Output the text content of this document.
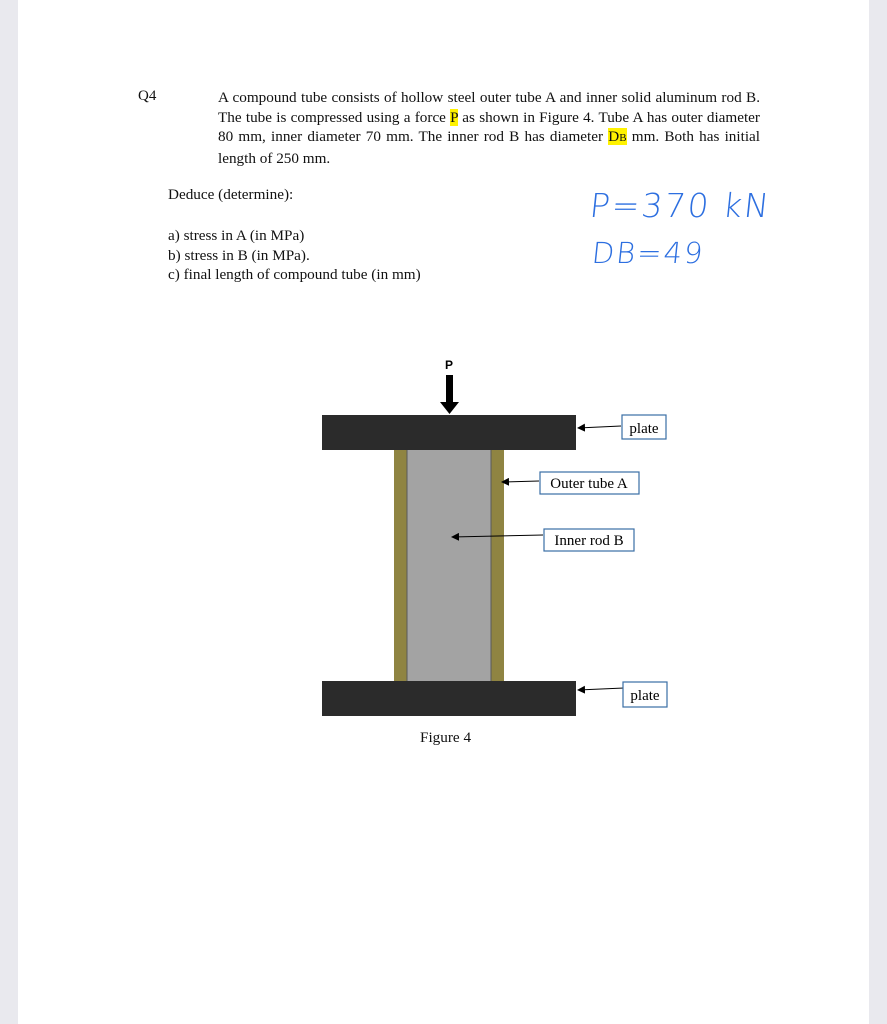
Q4	A compound tube consists of hollow steel outer tube A and inner solid aluminum rod B. The tube is compressed using a force P as shown in Figure 4. Tube A has outer diameter 80 mm, inner diameter 70 mm. The inner rod B has diameter DB mm. Both has initial length of 250 mm.
Deduce (determine):
a) stress in A (in MPa)
b) stress in B (in MPa).
c) final length of compound tube (in mm)
P=370 kN
DB=49
P
plate
Outer tube A
Inner rod B
plate
Figure 4
